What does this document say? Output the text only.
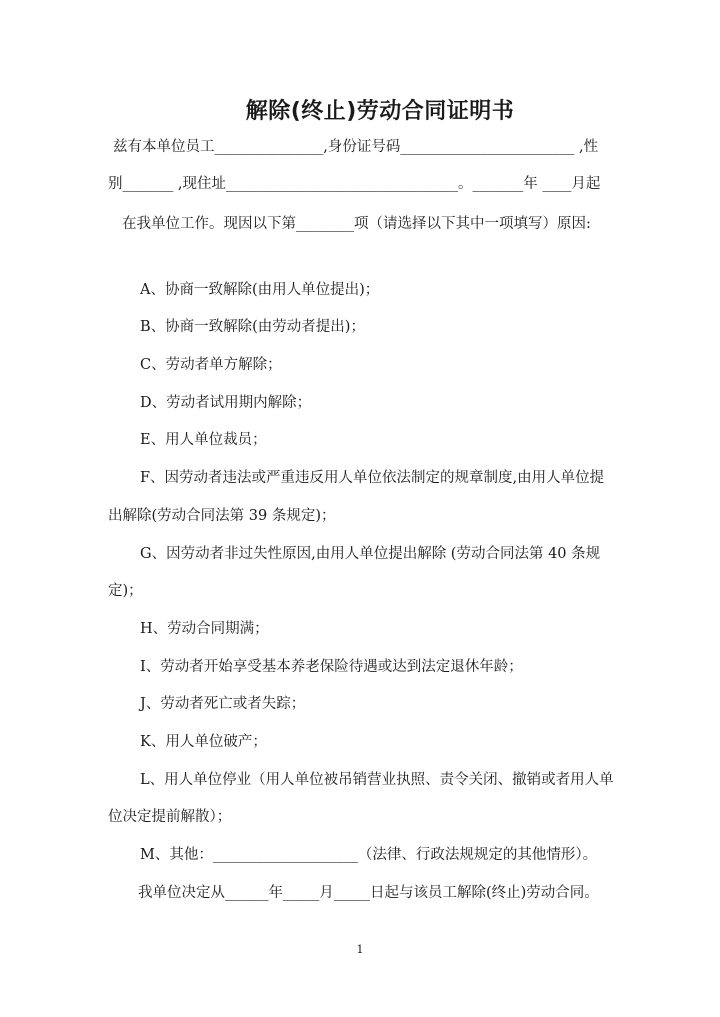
解除(终止)劳动合同证明书
兹有本单位员工_______________,身份证号码________________________ ,性
别_______ ,现住址________________________________。_______年 ____月起
在我单位工作。现因以下第________项（请选择以下其中一项填写）原因:
A、协商一致解除(由用人单位提出)；
B、协商一致解除(由劳动者提出)；
C、劳动者单方解除；
D、劳动者试用期内解除；
E、用人单位裁员；
F、因劳动者违法或严重违反用人单位依法制定的规章制度,由用人单位提
出解除(劳动合同法第 39 条规定)；
G、因劳动者非过失性原因,由用人单位提出解除 (劳动合同法第 40 条规
定)；
H、劳动合同期满；
I、劳动者开始享受基本养老保险待遇或达到法定退休年龄；
J、劳动者死亡或者失踪；
K、用人单位破产；
L、用人单位停业（用人单位被吊销营业执照、责令关闭、撤销或者用人单
位决定提前解散）；
M、其他：____________________（法律、行政法规规定的其他情形）。
我单位决定从______年_____月_____日起与该员工解除(终止)劳动合同。
1
